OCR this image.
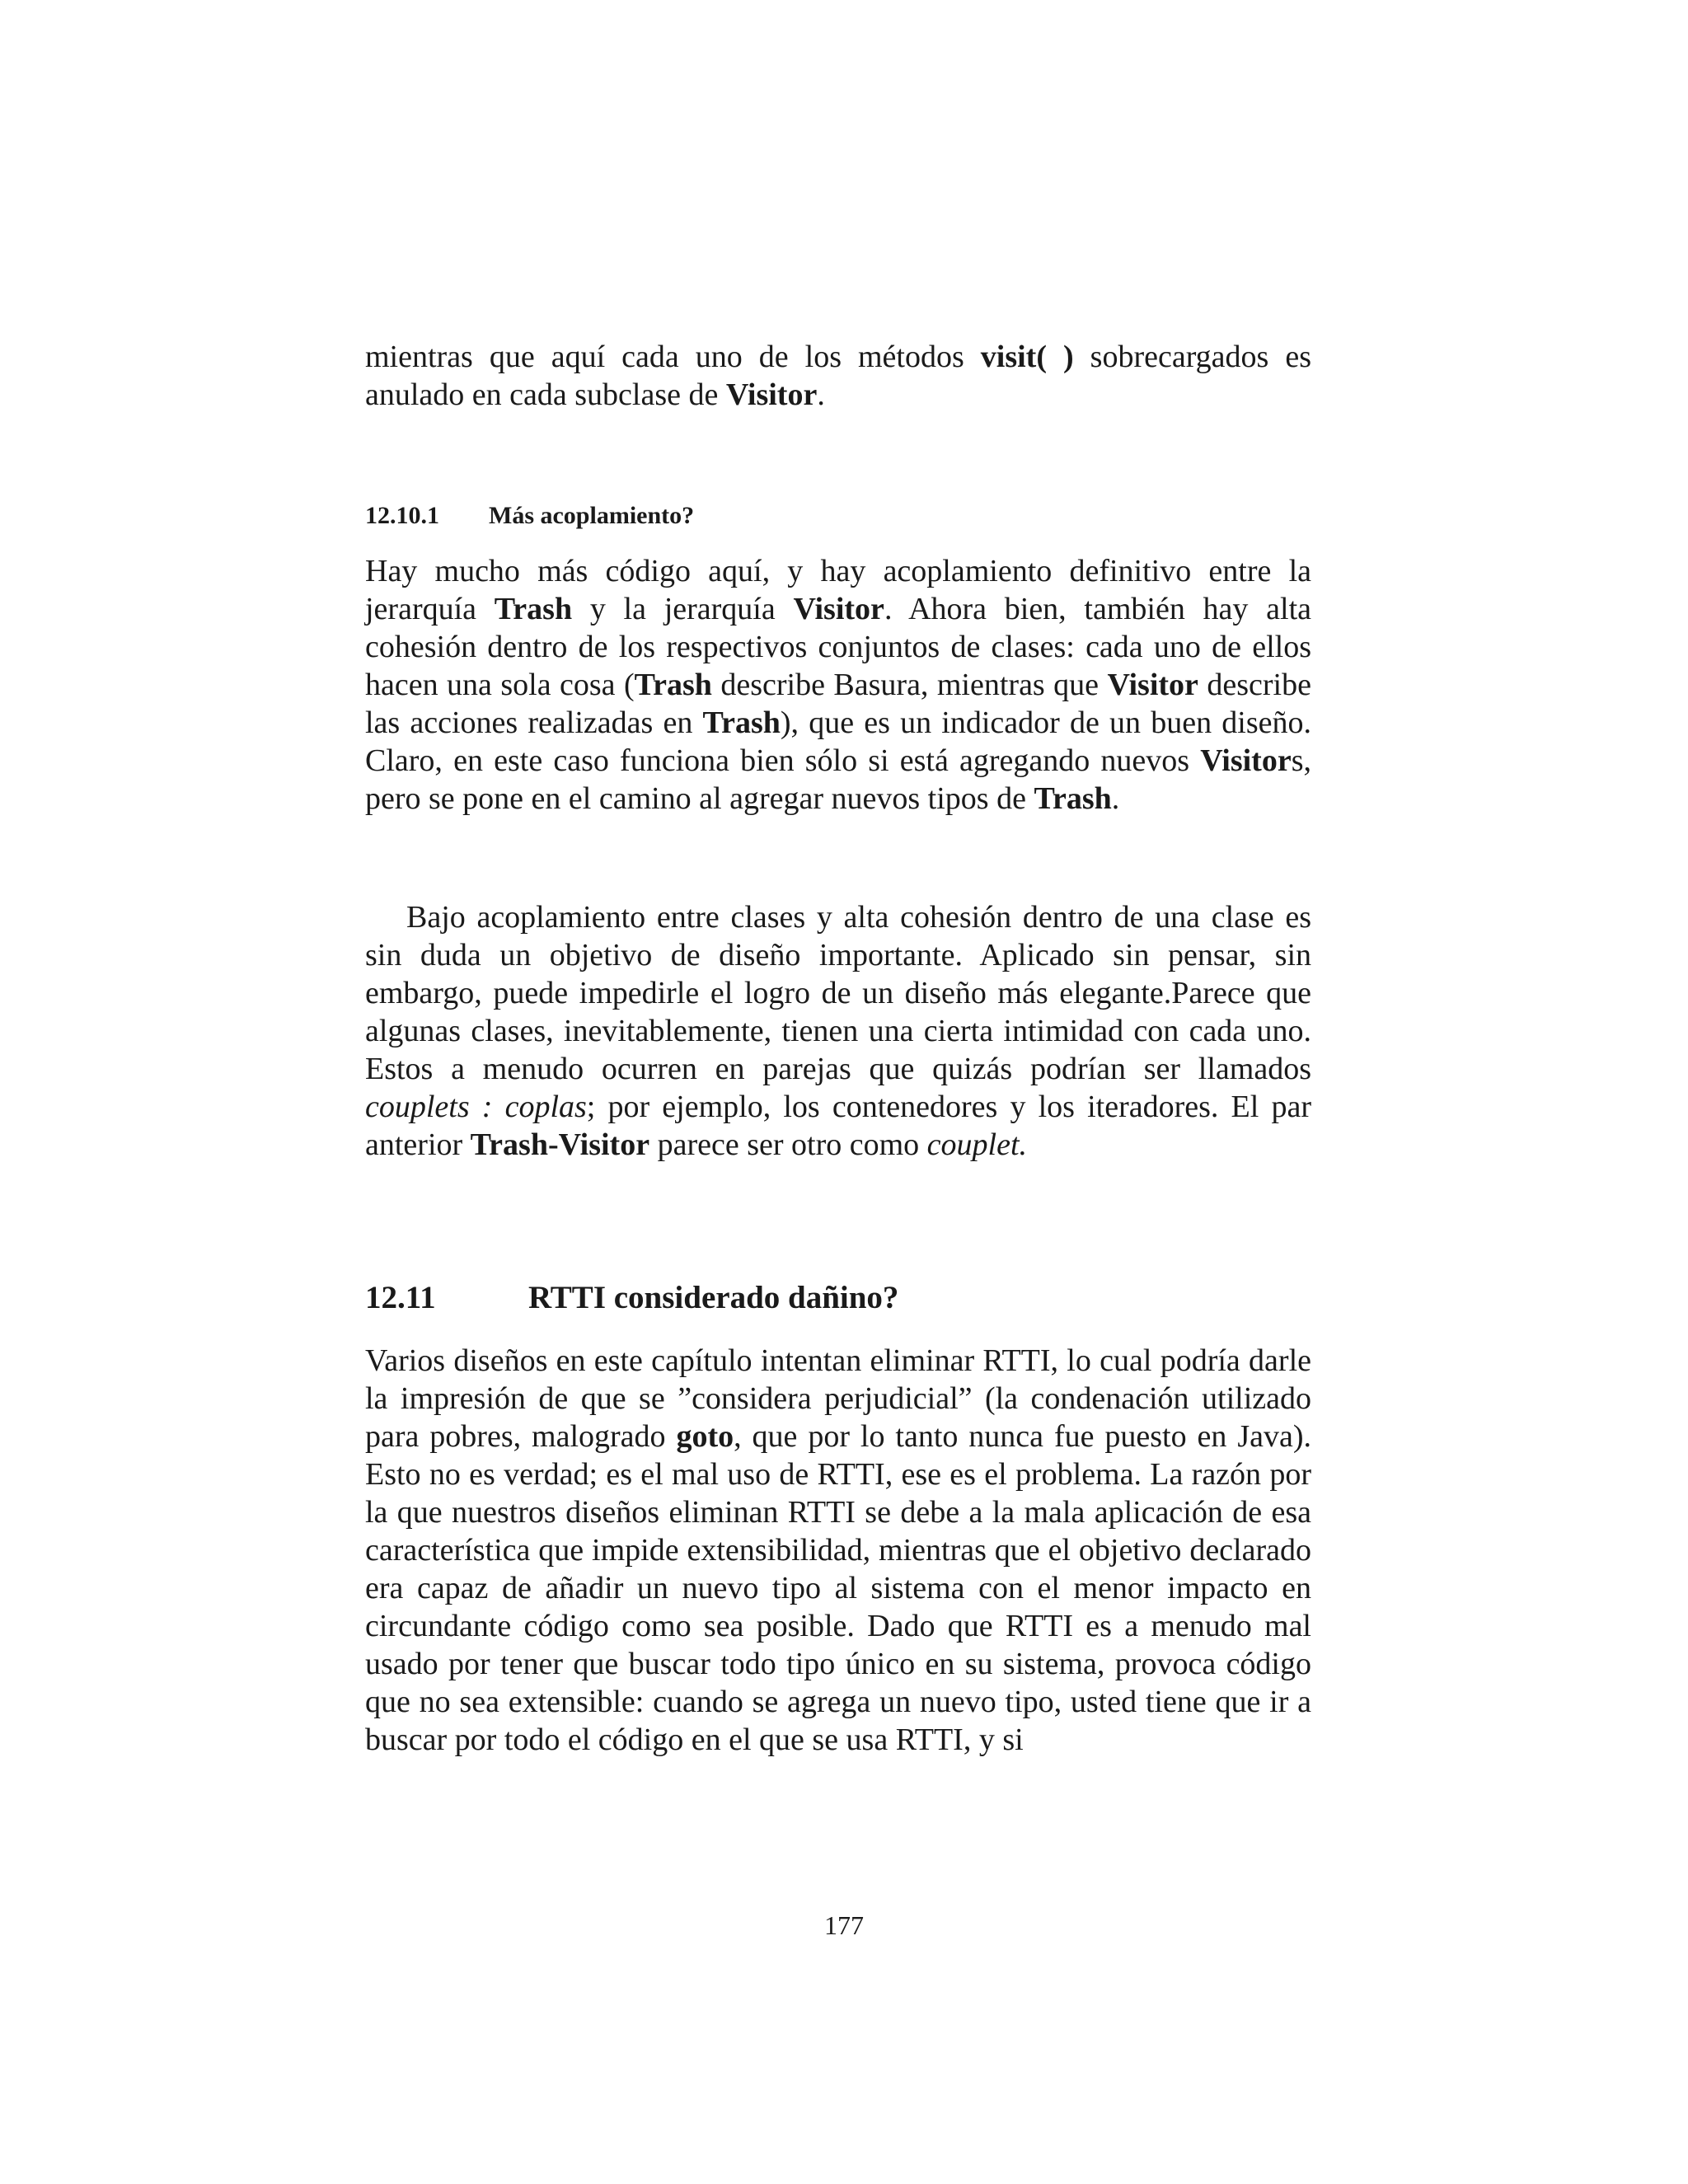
mientras que aquí cada uno de los métodos visit( ) sobrecargados es anulado en cada subclase de Visitor.

12.10.1 Más acoplamiento?

Hay mucho más código aquí, y hay acoplamiento definitivo entre la jerarquía Trash y la jerarquía Visitor. Ahora bien, también hay alta cohesión dentro de los respectivos conjuntos de clases: cada uno de ellos hacen una sola cosa (Trash describe Basura, mientras que Visitor describe las acciones realizadas en Trash), que es un indicador de un buen diseño. Claro, en este caso funciona bien sólo si está agregando nuevos Visitors, pero se pone en el camino al agregar nuevos tipos de Trash.

Bajo acoplamiento entre clases y alta cohesión dentro de una clase es sin duda un objetivo de diseño importante. Aplicado sin pensar, sin embargo, puede impedirle el logro de un diseño más elegante.Parece que algunas clases, inevitablemente, tienen una cierta intimidad con cada uno. Estos a menudo ocurren en parejas que quizás podrían ser llamados couplets : coplas; por ejemplo, los contenedores y los iteradores. El par anterior Trash-Visitor parece ser otro como couplet.

12.11	RTTI considerado dañino?

Varios diseños en este capítulo intentan eliminar RTTI, lo cual podría darle la impresión de que se ”considera perjudicial” (la condenación utilizado para pobres, malogrado goto, que por lo tanto nunca fue puesto en Java). Esto no es verdad; es el mal uso de RTTI, ese es el problema. La razón por la que nuestros diseños eliminan RTTI se debe a la mala aplicación de esa característica que impide extensibilidad, mientras que el objetivo declarado era capaz de añadir un nuevo tipo al sistema con el menor impacto en circundante código como sea posible. Dado que RTTI es a menudo mal usado por tener que buscar todo tipo único en su sistema, provoca código que no sea extensible: cuando se agrega un nuevo tipo, usted tiene que ir a buscar por todo el código en el que se usa RTTI, y si

177
